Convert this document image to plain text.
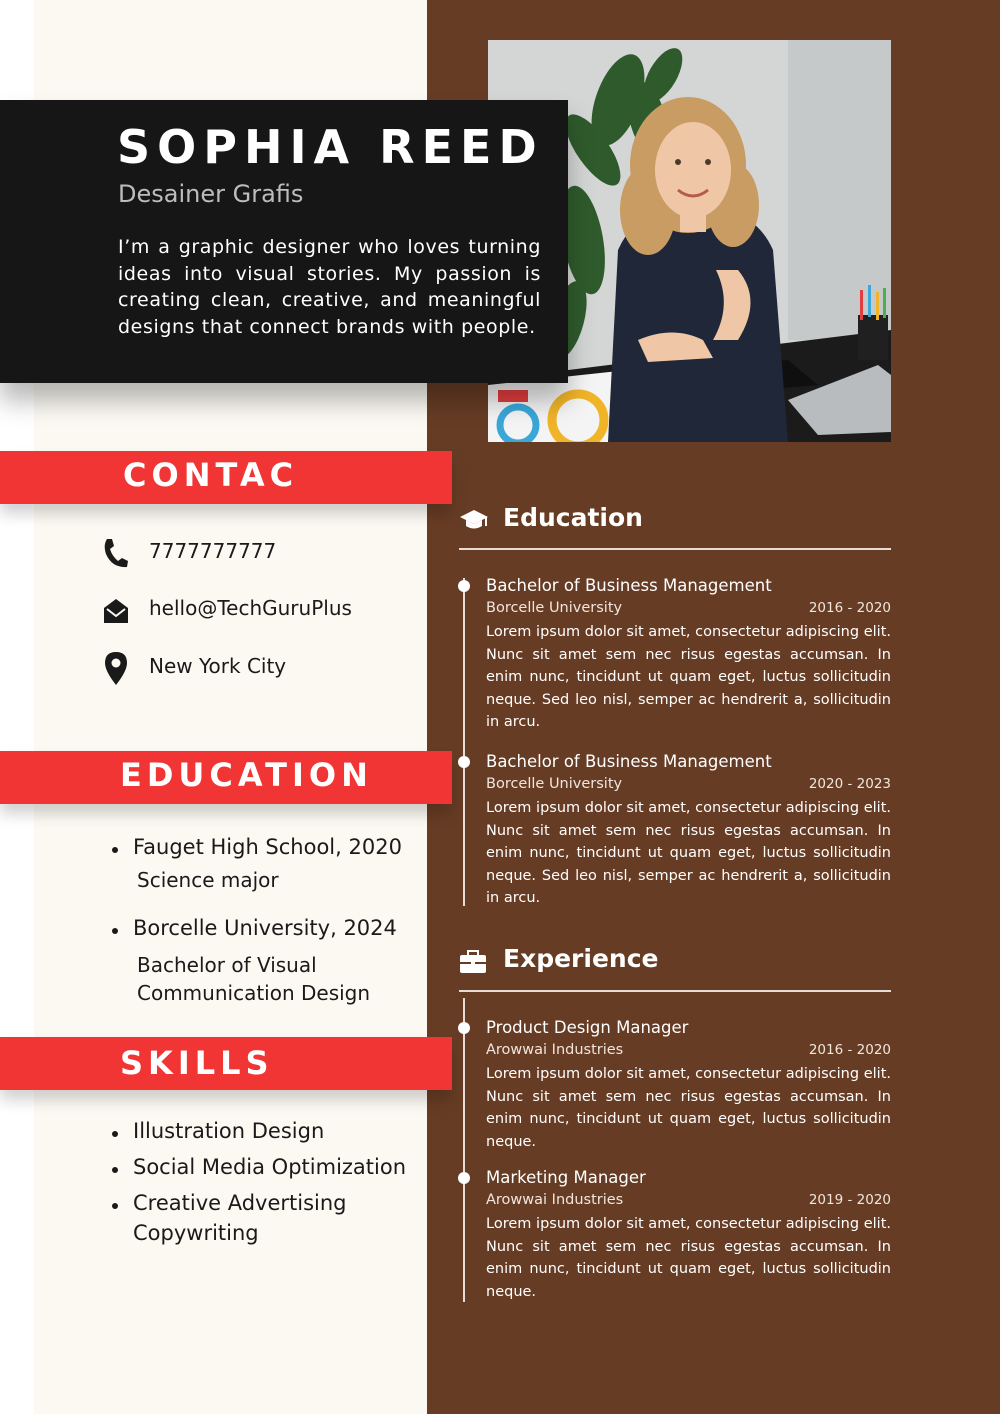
SOPHIA REED
Desainer Grafis
I’m a graphic designer who loves turning ideas into visual stories. My passion is creating clean, creative, and meaningful designs that connect brands with people.
CONTAC
7777777777
hello@TechGuruPlus
New York City
EDUCATION
Fauget High School, 2020
Science major
Borcelle University, 2024
Bachelor of Visual
Communication Design
SKILLS
Illustration Design
Social Media Optimization
Creative Advertising
Copywriting
Education
Bachelor of Business Management
Borcelle University	2016 - 2020
Lorem ipsum dolor sit amet, consectetur adipiscing elit. Nunc sit amet sem nec risus egestas accumsan. In enim nunc, tincidunt ut quam eget, luctus sollicitudin neque. Sed leo nisl, semper ac hendrerit a, sollicitudin in arcu.
Bachelor of Business Management
Borcelle University	2020 - 2023
Lorem ipsum dolor sit amet, consectetur adipiscing elit. Nunc sit amet sem nec risus egestas accumsan. In enim nunc, tincidunt ut quam eget, luctus sollicitudin neque. Sed leo nisl, semper ac hendrerit a, sollicitudin in arcu.
Experience
Product Design Manager
Arowwai Industries	2016 - 2020
Lorem ipsum dolor sit amet, consectetur adipiscing elit. Nunc sit amet sem nec risus egestas accumsan. In enim nunc, tincidunt ut quam eget, luctus sollicitudin neque.
Marketing Manager
Arowwai Industries	2019 - 2020
Lorem ipsum dolor sit amet, consectetur adipiscing elit. Nunc sit amet sem nec risus egestas accumsan. In enim nunc, tincidunt ut quam eget, luctus sollicitudin neque.
